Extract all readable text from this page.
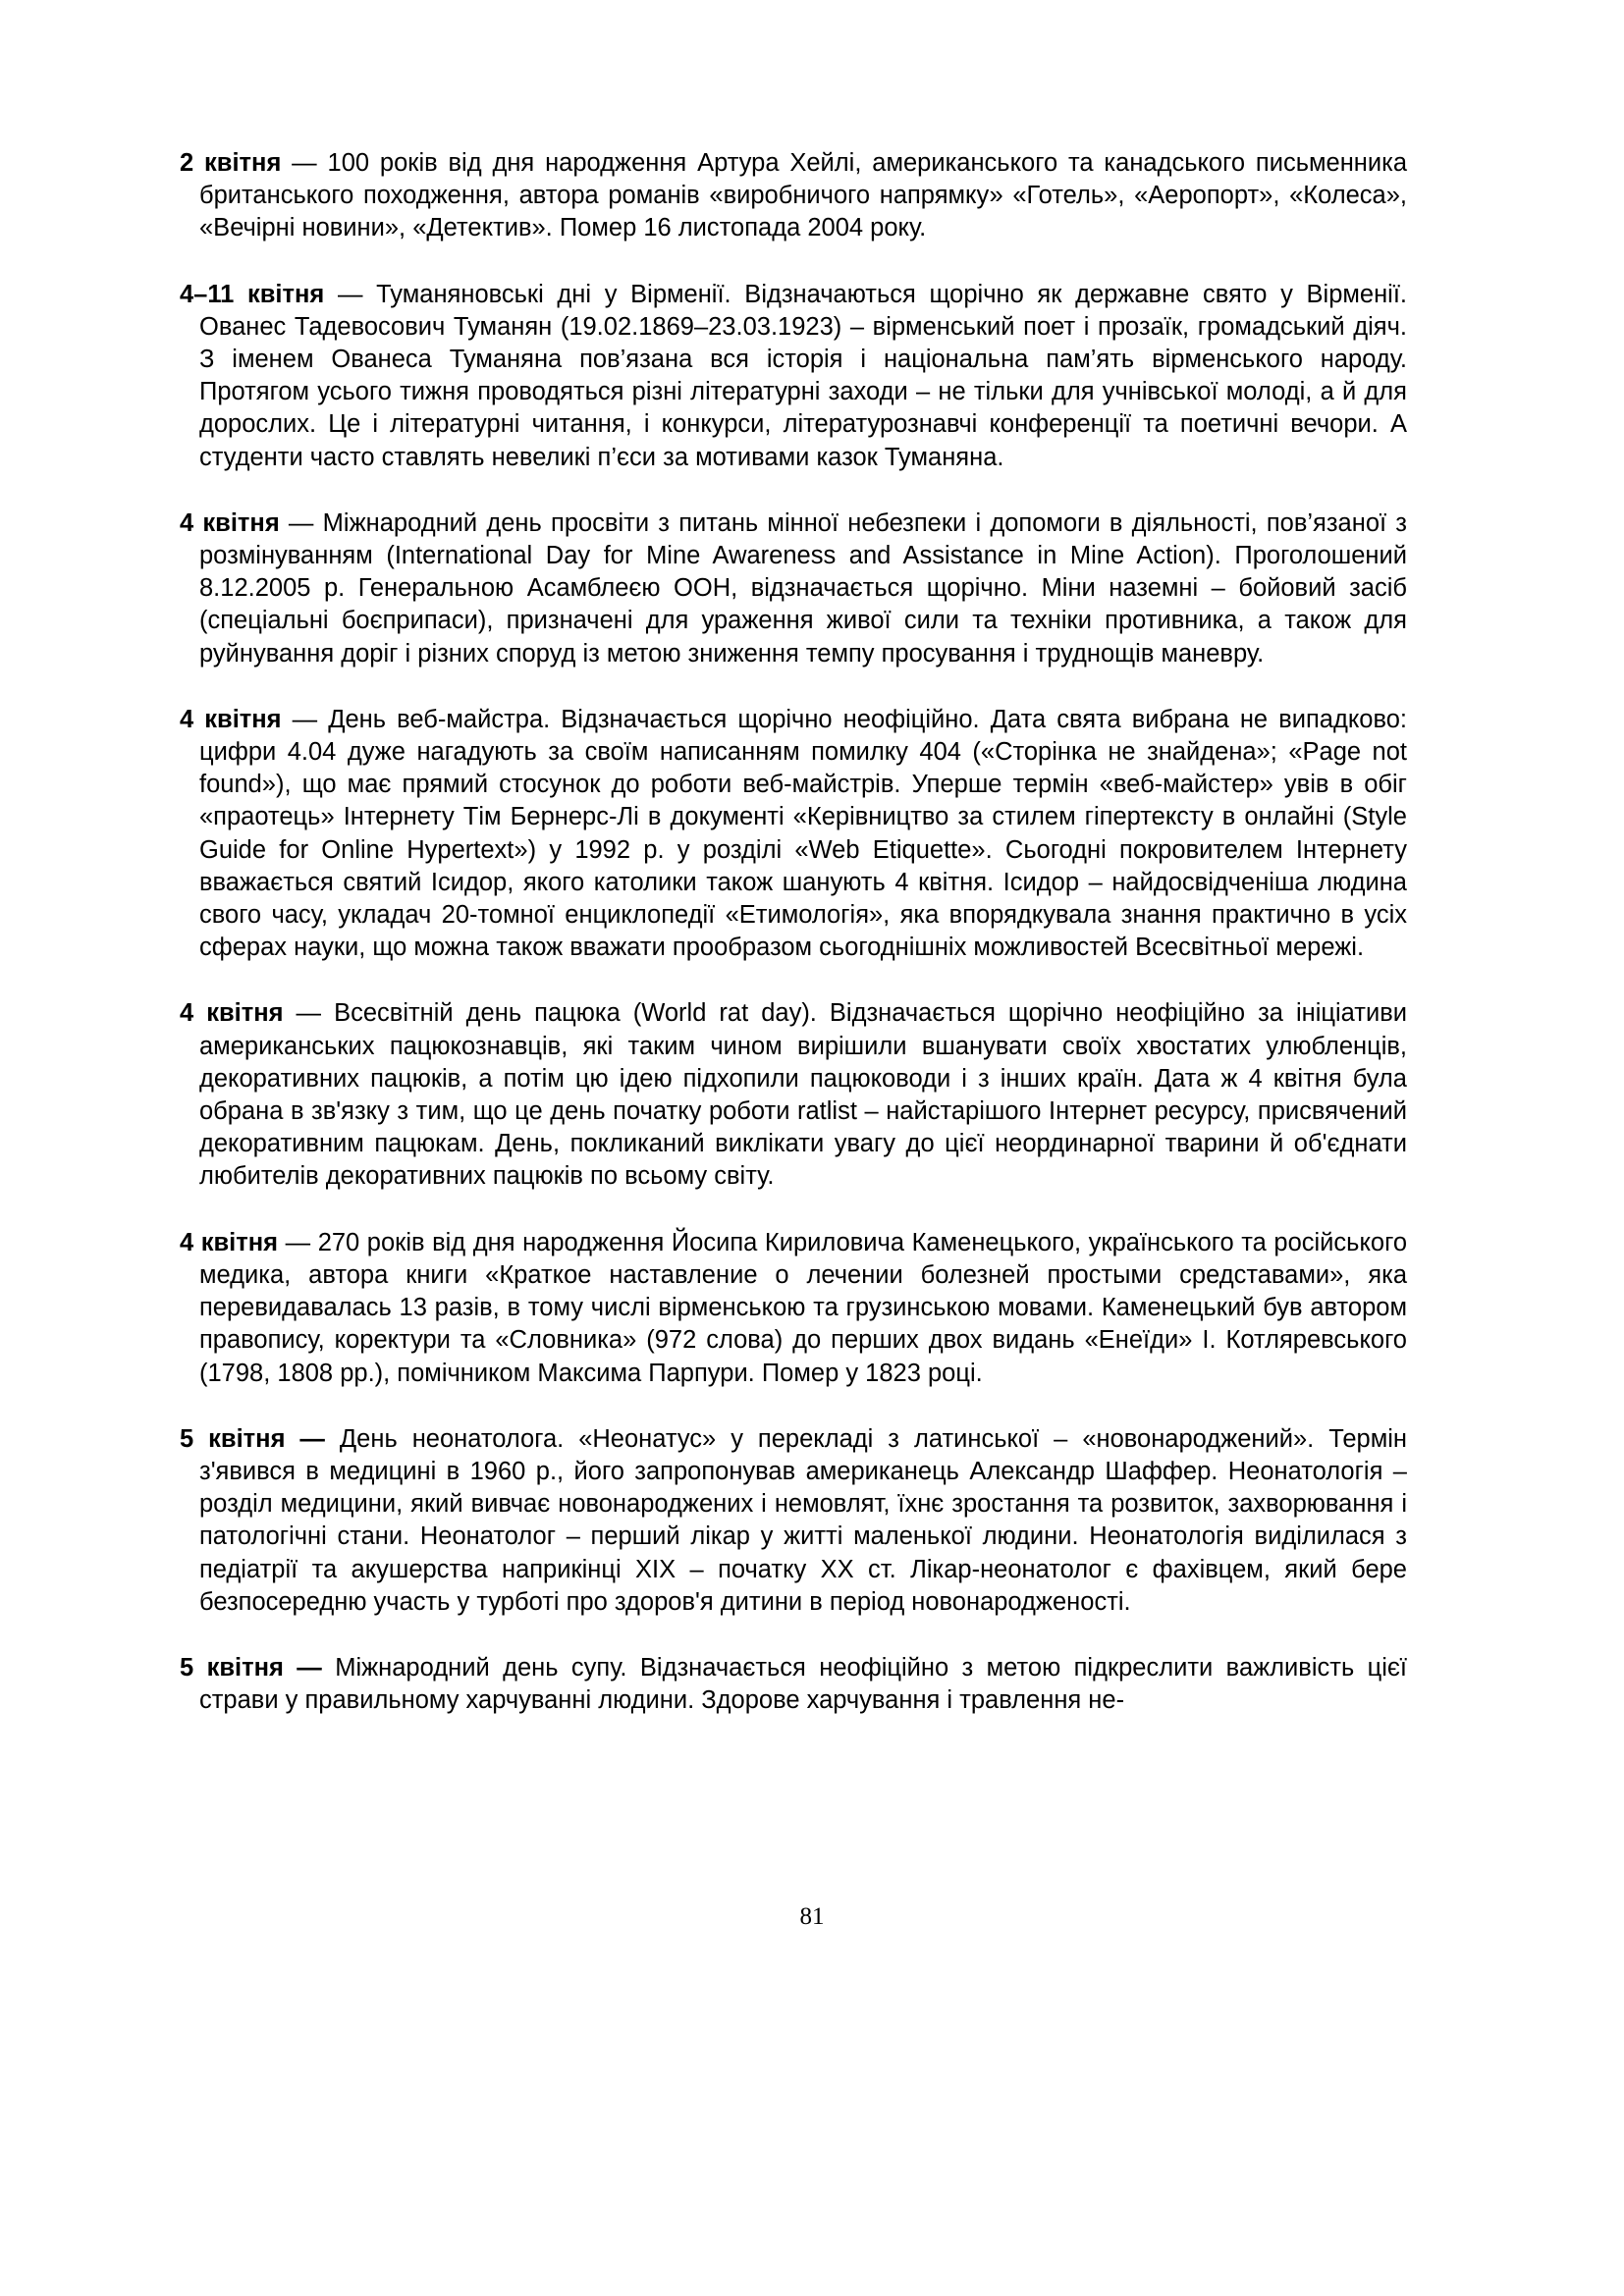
2 квітня — 100 років від дня народження Артура Хейлі, американського та канадського письменника британського походження, автора романів «виробничого напрямку» «Готель», «Аеропорт», «Колеса», «Вечірні новини», «Детектив». Помер 16 листопада 2004 року.
4–11 квітня — Туманяновські дні у Вірменії. Відзначаються щорічно як державне свято у Вірменії. Ованес Тадевосович Туманян (19.02.1869–23.03.1923) – вірменський поет і прозаїк, громадський діяч. З іменем Ованеса Туманяна пов’язана вся історія і національна пам’ять вірменського народу. Протягом усього тижня проводяться різні літературні заходи – не тільки для учнівської молоді, а й для дорослих. Це і літературні читання, і конкурси, літературознавчі конференції та поетичні вечори. А студенти часто ставлять невеликі п’єси за мотивами казок Туманяна.
4 квітня — Міжнародний день просвіти з питань мінної небезпеки і допомоги в діяльності, пов’язаної з розмінуванням (International Day for Mine Awareness and Assistance in Mine Action). Проголошений 8.12.2005 р. Генеральною Асамблеєю ООН, відзначається щорічно. Міни наземні – бойовий засіб (спеціальні боєприпаси), призначені для ураження живої сили та техніки противника, а також для руйнування доріг і різних споруд із метою зниження темпу просування і труднощів маневру.
4 квітня — День веб-майстра. Відзначається щорічно неофіційно. Дата свята вибрана не випадково: цифри 4.04 дуже нагадують за своїм написанням помилку 404 («Сторінка не знайдена»; «Page not found»), що має прямий стосунок до роботи веб-майстрів. Уперше термін «веб-майстер» увів в обіг «праотець» Інтернету Тім Бернерс-Лі в документі «Керівництво за стилем гіпертексту в онлайні (Style Guide for Online Hypertext») у 1992 р. у розділі «Web Etiquette». Сьогодні покровителем Інтернету вважається святий Ісидор, якого католики також шанують 4 квітня. Ісидор – найдосвідченіша людина свого часу, укладач 20-томної енциклопедії «Етимологія», яка впорядкувала знання практично в усіх сферах науки, що можна також вважати прообразом сьогоднішніх можливостей Всесвітньої мережі.
4 квітня — Всесвітній день пацюка (World rat day). Відзначається щорічно неофіційно за ініціативи американських пацюкознавців, які таким чином вирішили вшанувати своїх хвостатих улюбленців, декоративних пацюків, а потім цю ідею підхопили пацюководи і з інших країн. Дата ж 4 квітня була обрана в зв'язку з тим, що це день початку роботи ratlist – найстарішого Інтернет ресурсу, присвячений декоративним пацюкам. День, покликаний виклікати увагу до цієї неординарної тварини й об'єднати любителів декоративних пацюків по всьому світу.
4 квітня — 270 років від дня народження Йосипа Кириловича Каменецького, українського та російського медика, автора книги «Краткое наставление о лечении болезней простыми средставами», яка перевидавалась 13 разів, в тому числі вірменською та грузинською мовами. Каменецький був автором правопису, коректури та «Словника» (972 слова) до перших двох видань «Енеїди» І. Котляревського (1798, 1808 рр.), помічником Максима Парпури. Помер у 1823 році.
5 квітня — День неонатолога. «Неонатус» у перекладі з латинської – «новонароджений». Термін з'явився в медицині в 1960 р., його запропонував американець Александр Шаффер. Неонатологія – розділ медицини, який вивчає новонароджених і немовлят, їхнє зростання та розвиток, захворювання і патологічні стани. Неонатолог – перший лікар у житті маленької людини. Неонатологія виділилася з педіатрії та акушерства наприкінці XIX – початку XX ст. Лікар-неонатолог є фахівцем, який бере безпосередню участь у турботі про здоров'я дитини в період новонародженості.
5 квітня — Міжнародний день супу. Відзначається неофіційно з метою підкреслити важливість цієї страви у правильному харчуванні людини. Здорове харчування і травлення не-
81
